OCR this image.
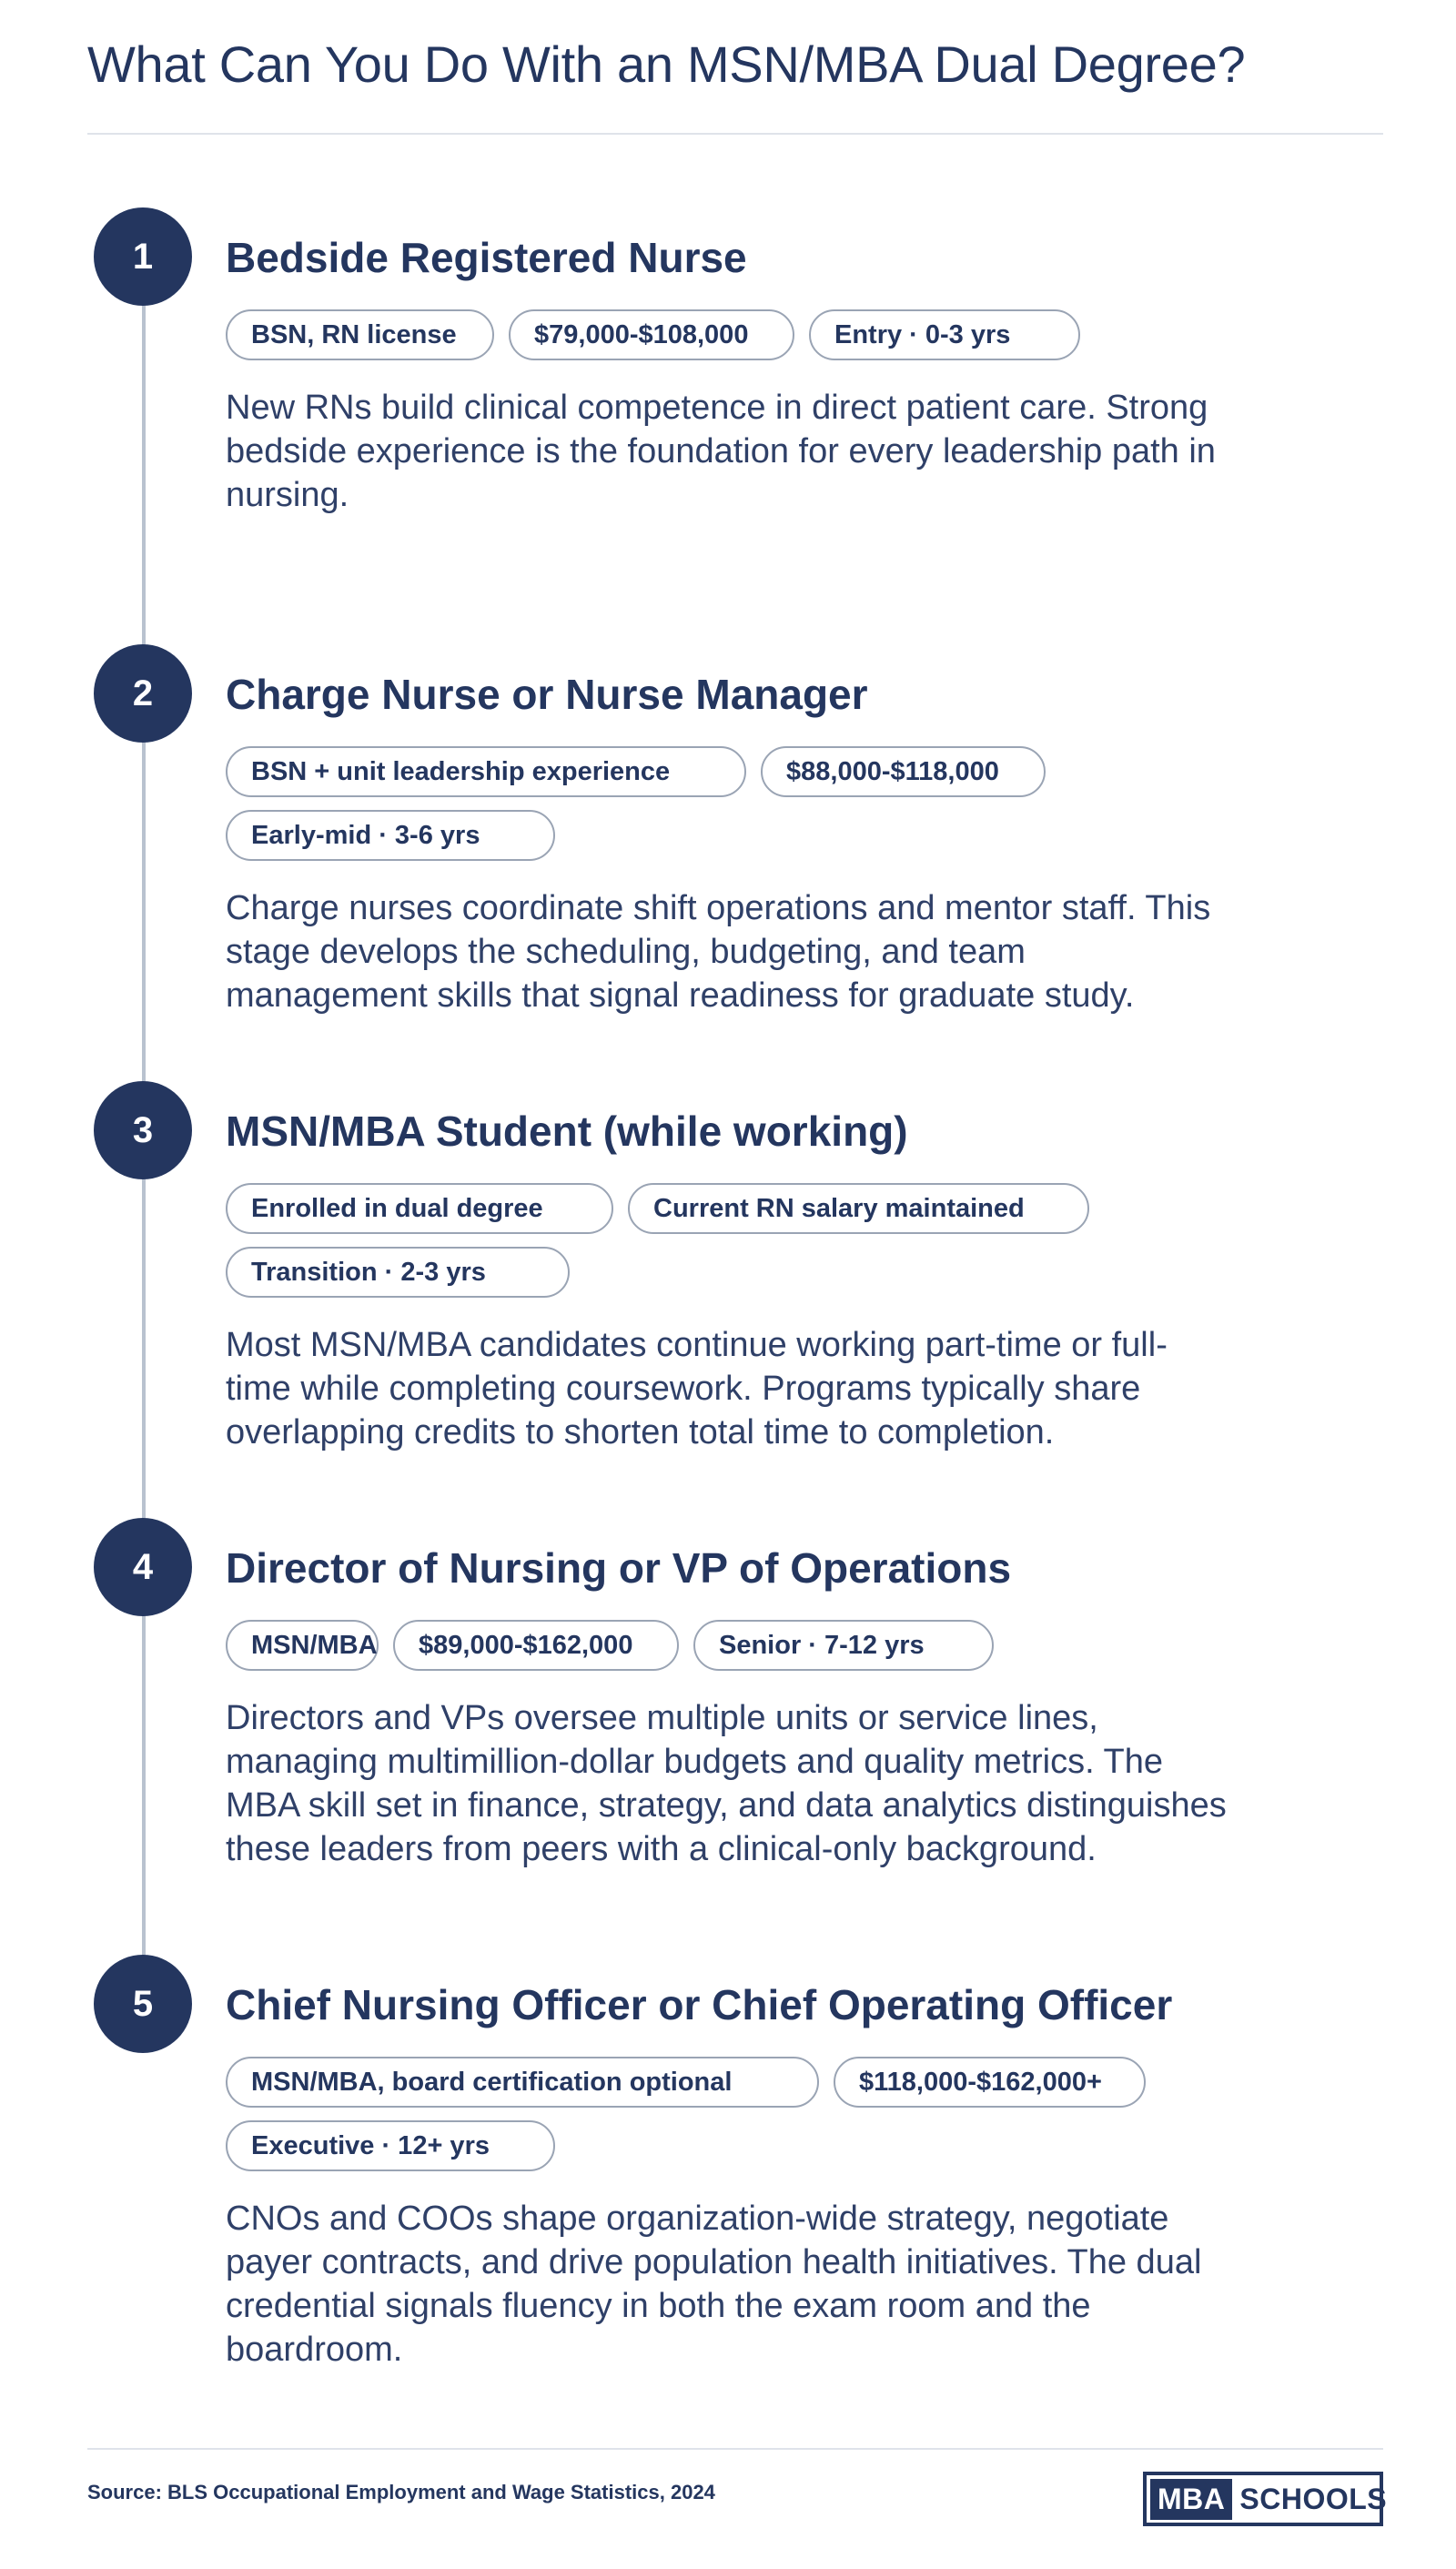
What Can You Do With an MSN/MBA Dual Degree?
1	Bedside Registered Nurse
BSN, RN license	$79,000-$108,000	Entry · 0-3 yrs

New RNs build clinical competence in direct patient care. Strong bedside experience is the foundation for every leadership path in nursing.

2	Charge Nurse or Nurse Manager
BSN + unit leadership experience	$88,000-$118,000
Early-mid · 3-6 yrs

Charge nurses coordinate shift operations and mentor staff. This stage develops the scheduling, budgeting, and team management skills that signal readiness for graduate study.

3	MSN/MBA Student (while working)
Enrolled in dual degree	Current RN salary maintained
Transition · 2-3 yrs

Most MSN/MBA candidates continue working part-time or full-time while completing coursework. Programs typically share overlapping credits to shorten total time to completion.

4	Director of Nursing or VP of Operations
MSN/MBA	$89,000-$162,000	Senior · 7-12 yrs

Directors and VPs oversee multiple units or service lines, managing multimillion-dollar budgets and quality metrics. The MBA skill set in finance, strategy, and data analytics distinguishes these leaders from peers with a clinical-only background.

5	Chief Nursing Officer or Chief Operating Officer
MSN/MBA, board certification optional	$118,000-$162,000+
Executive · 12+ yrs

CNOs and COOs shape organization-wide strategy, negotiate payer contracts, and drive population health initiatives. The dual credential signals fluency in both the exam room and the boardroom.

Source: BLS Occupational Employment and Wage Statistics, 2024	MBA SCHOOLS
